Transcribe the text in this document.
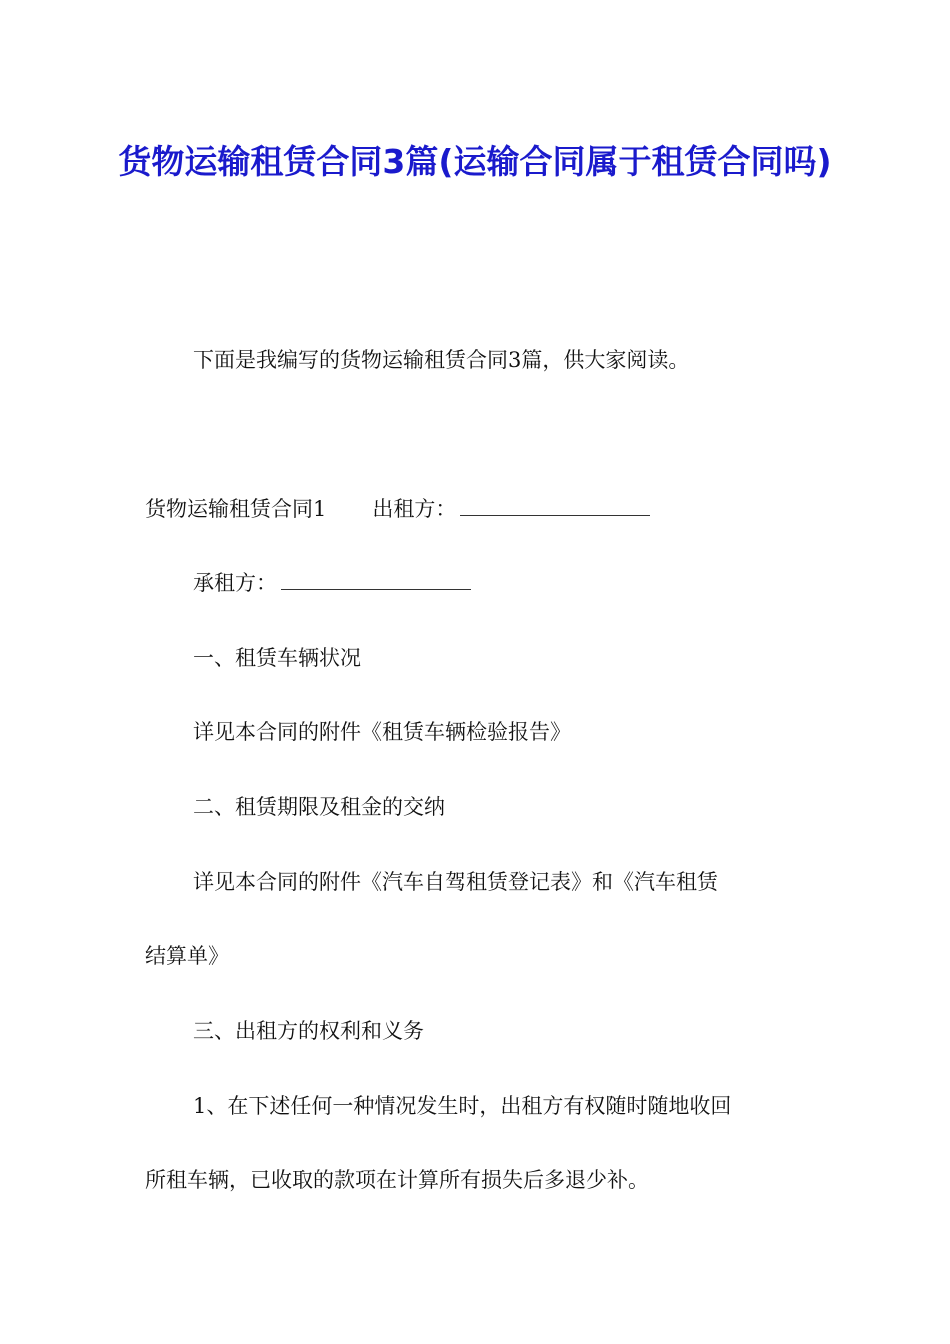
货物运输租赁合同3篇(运输合同属于租赁合同吗)

下面是我编写的货物运输租赁合同3篇，供大家阅读。

货物运输租赁合同1 出租方：

承租方：

一、租赁车辆状况

详见本合同的附件《租赁车辆检验报告》

二、租赁期限及租金的交纳

详见本合同的附件《汽车自驾租赁登记表》和《汽车租赁

结算单》

三、出租方的权利和义务

1、在下述任何一种情况发生时，出租方有权随时随地收回

所租车辆，已收取的款项在计算所有损失后多退少补。
